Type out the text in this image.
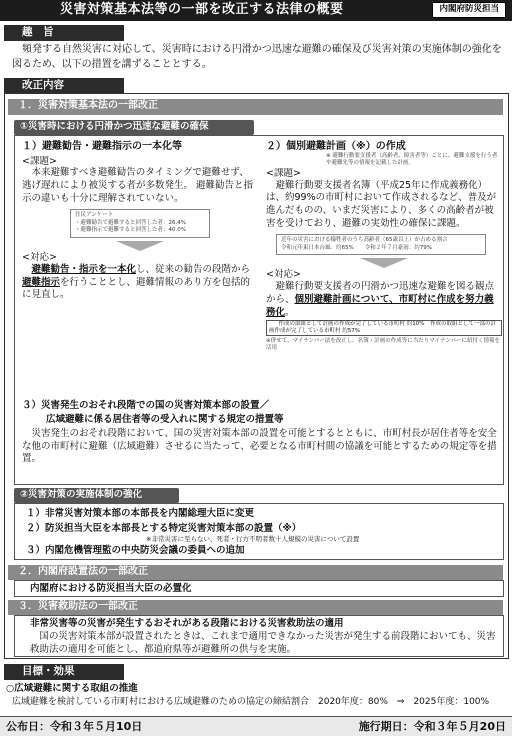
災害対策基本法等の一部を改正する法律の概要	内閣府防災担当
趣　旨
頻発する自然災害に対応して、災害時における円滑かつ迅速な避難の確保及び災害対策の実施体制の強化を図るため、以下の措置を講ずることとする。
改正内容
１．災害対策基本法の一部改正
①災害時における円滑かつ迅速な避難の確保
１）避難勧告・避難指示の一本化等
<課題>
本来避難すべき避難勧告のタイミングで避難せず、逃げ遅れにより被災する者が多数発生。 避難勧告と指示の違いも十分に理解されていない。
住民アンケート
・避難勧告で避難すると回答した者：26.4%
・避難指示で避難すると回答した者：40.0%
<対応>
避難勧告・指示を一本化し、従来の勧告の段階から避難指示を行うこととし、避難情報のあり方を包括的に見直し。
２）個別避難計画（※）の作成
※ 避難行動要支援者（高齢者、障害者等）ごとに、避難支援を行う者や避難先等の情報を記載した計画。
<課題>
避難行動要支援者名簿（平成25年に作成義務化）は、約99%の市町村において作成されるなど、普及が進んだものの、いまだ災害により、多くの高齢者が被害を受けており、避難の実効性の確保に課題。
近年の災害における犠牲者のうち高齢者（65歳以上）が占める割合
令和元年東日本台風：約65%　　令和２年７月豪雨：約79%
<対応>
避難行動要支援者の円滑かつ迅速な避難を図る観点から、個別避難計画について、市町村に作成を努力義務化。 作成の取組として計画の作成が完了している市町村 約10%　作成の取組として一部の計画作成が完了している市町村 約57%
※併せて、マイナンバー法を改正し、名簿・計画の作成等に当たりマイナンバーに紐付く情報を活用
３）災害発生のおそれ段階での国の災害対策本部の設置／
広域避難に係る居住者等の受入れに関する規定の措置等
災害発生のおそれ段階において、国の災害対策本部の設置を可能とするとともに、市町村長が居住者等を安全な他の市町村に避難（広域避難）させるに当たって、必要となる市町村間の協議を可能とするための規定等を措置。
②災害対策の実施体制の強化
１）非常災害対策本部の本部長を内閣総理大臣に変更
２）防災担当大臣を本部長とする特定災害対策本部の設置（※）
※非常災害に至らない、死者・行方不明者数十人規模の災害について設置
３）内閣危機管理監の中央防災会議の委員への追加
２．内閣府設置法の一部改正
内閣府における防災担当大臣の必置化
３．災害救助法の一部改正
非常災害等の災害が発生するおそれがある段階における災害救助法の適用
国の災害対策本部が設置されたときは、これまで適用できなかった災害が発生する前段階においても、災害救助法の適用を可能とし、都道府県等が避難所の供与を実施。
目標・効果
○広域避難に関する取組の推進
広域避難を検討している市町村における広域避難のための協定の締結割合　2020年度：80%　⇒　2025年度：100%
公布日：令和３年５月10日	施行期日：令和３年５月20日
